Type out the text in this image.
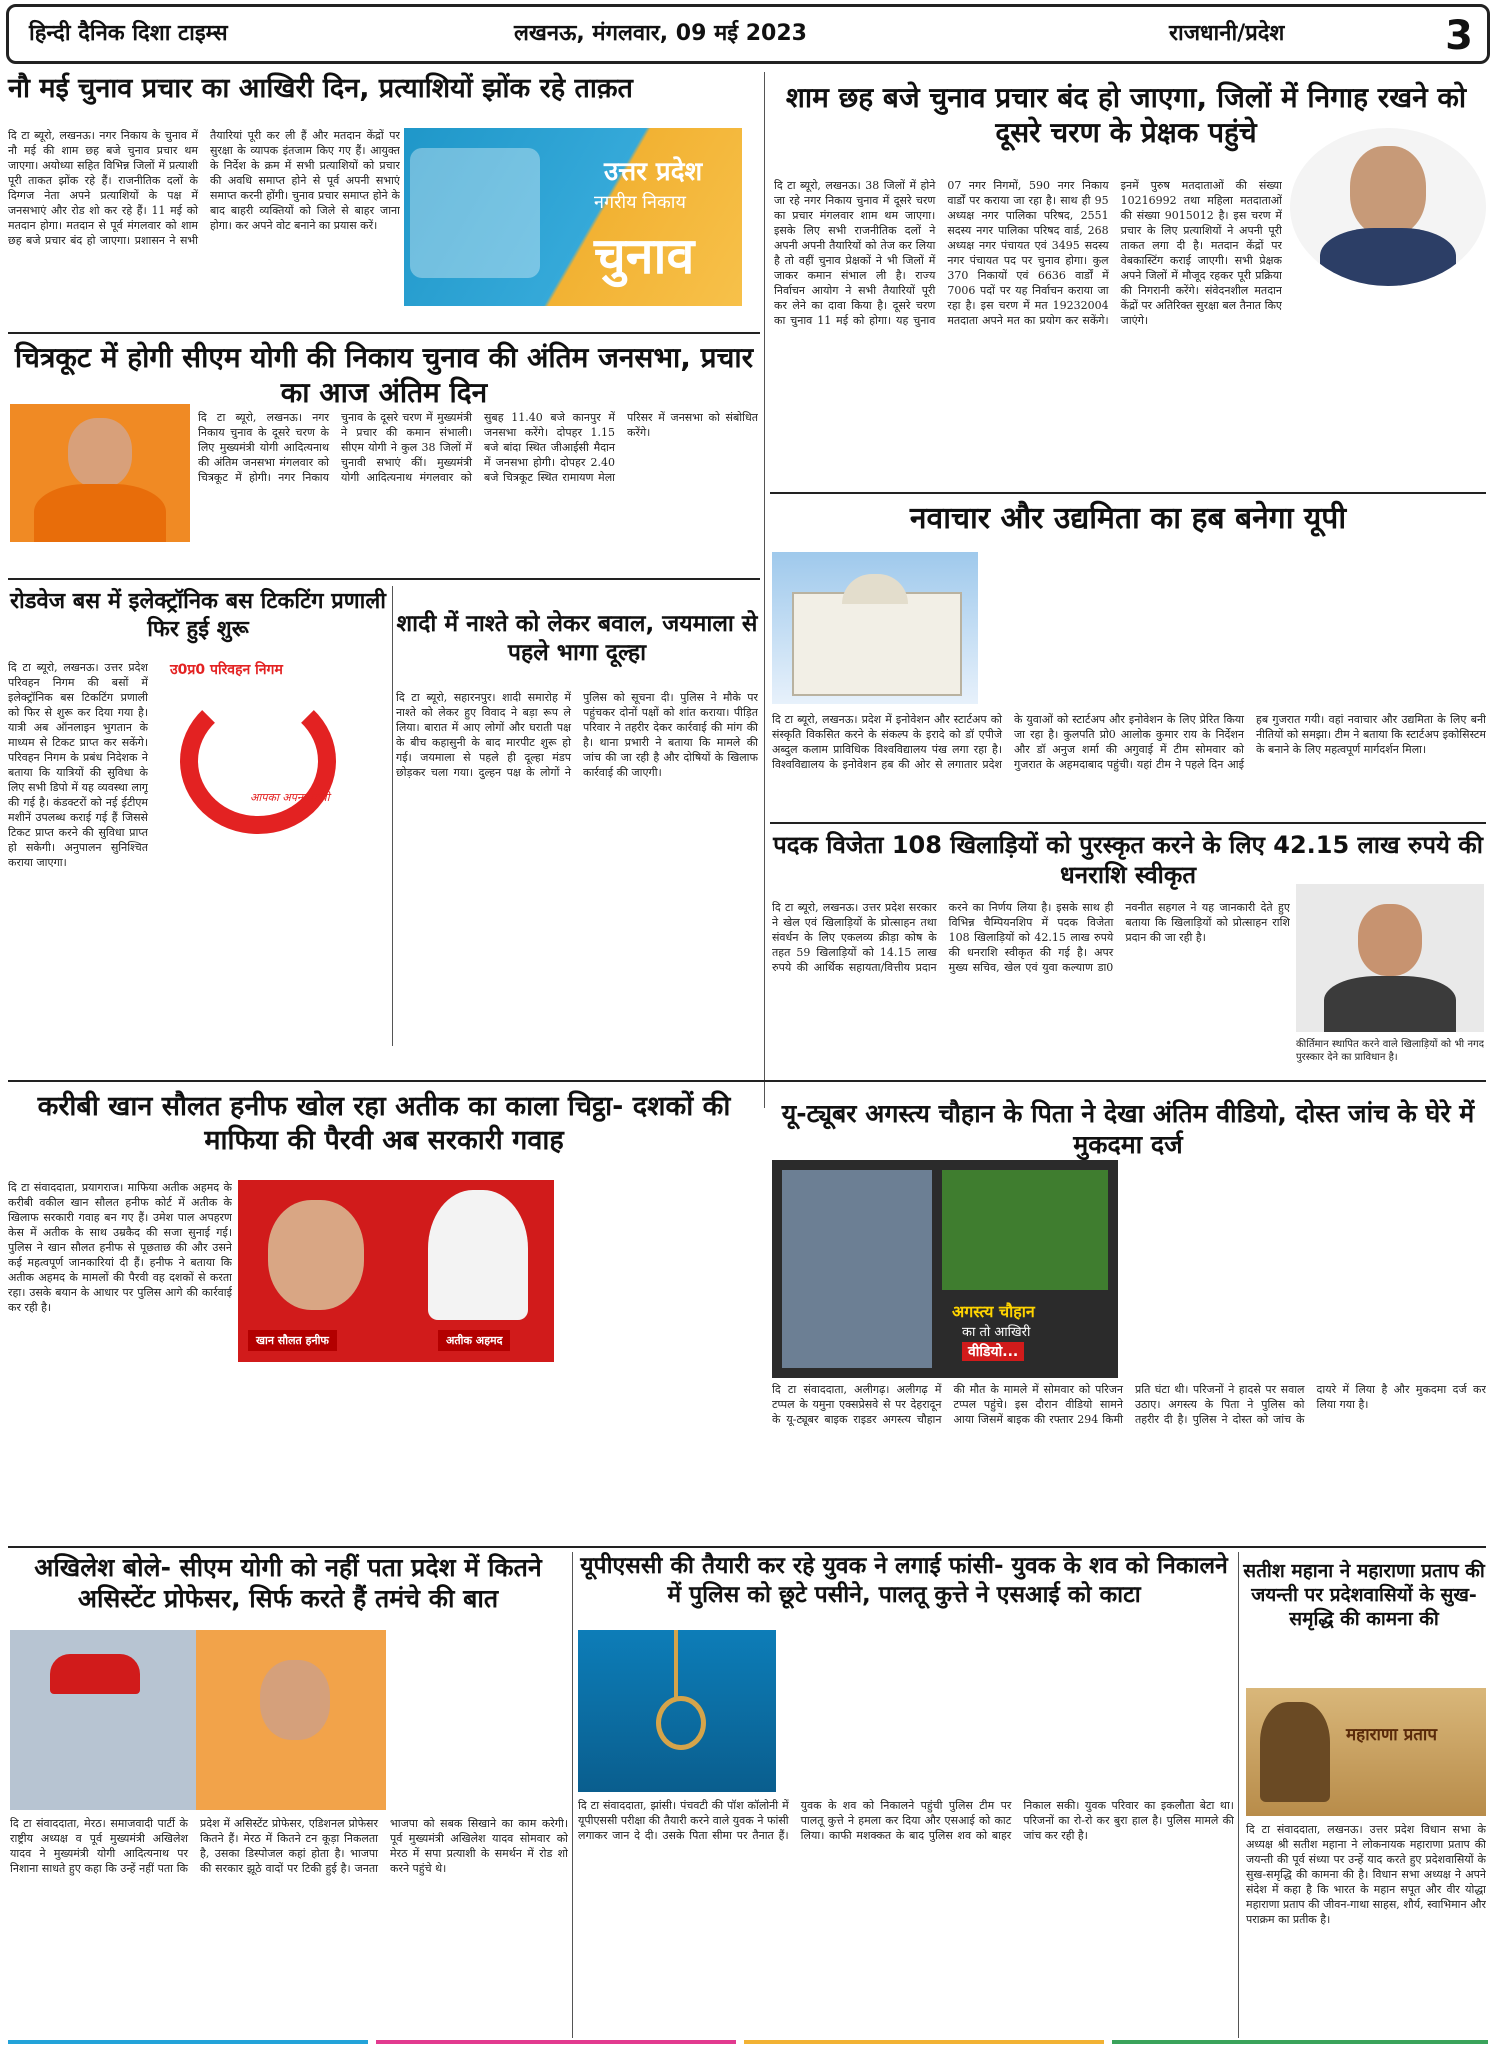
हिन्दी दैनिक दिशा टाइम्स	लखनऊ, मंगलवार, 09 मई 2023	राजधानी/प्रदेश	3
नौ मई चुनाव प्रचार का आखिरी दिन, प्रत्याशियों झोंक रहे ताक़त
दि टा ब्यूरो, लखनऊ। नगर निकाय के चुनाव में नौ मई की शाम छह बजे चुनाव प्रचार थम जाएगा। अयोध्या सहित विभिन्न जिलों में प्रत्याशी पूरी ताकत झोंक रहे हैं। राजनीतिक दलों के दिग्गज नेता अपने प्रत्याशियों के पक्ष में जनसभाएं और रोड शो कर रहे हैं। 11 मई को मतदान होगा। मतदान से पूर्व मंगलवार को शाम छह बजे प्रचार बंद हो जाएगा। प्रशासन ने सभी तैयारियां पूरी कर ली हैं और मतदान केंद्रों पर सुरक्षा के व्यापक इंतजाम किए गए हैं। आयुक्त के निर्देश के क्रम में सभी प्रत्याशियों को प्रचार की अवधि समाप्त होने से पूर्व अपनी सभाएं समाप्त करनी होंगी। चुनाव प्रचार समाप्त होने के बाद बाहरी व्यक्तियों को जिले से बाहर जाना होगा। कर अपने वोट बनाने का प्रयास करें।
उत्तर प्रदेश
नगरीय निकाय
चुनाव
शाम छह बजे चुनाव प्रचार बंद हो जाएगा, जिलों में निगाह रखने को दूसरे चरण के प्रेक्षक पहुंचे
दि टा ब्यूरो, लखनऊ। 38 जिलों में होने जा रहे नगर निकाय चुनाव में दूसरे चरण का प्रचार मंगलवार शाम थम जाएगा। इसके लिए सभी राजनीतिक दलों ने अपनी अपनी तैयारियों को तेज कर लिया है तो वहीं चुनाव प्रेक्षकों ने भी जिलों में जाकर कमान संभाल ली है। राज्य निर्वाचन आयोग ने सभी तैयारियों पूरी कर लेने का दावा किया है। दूसरे चरण का चुनाव 11 मई को होगा। यह चुनाव 07 नगर निगमों, 590 नगर निकाय वार्डों पर कराया जा रहा है। साथ ही 95 अध्यक्ष नगर पालिका परिषद, 2551 सदस्य नगर पालिका परिषद वार्ड, 268 अध्यक्ष नगर पंचायत एवं 3495 सदस्य नगर पंचायत पद पर चुनाव होगा। कुल 370 निकायों एवं 6636 वार्डों में 7006 पदों पर यह निर्वाचन कराया जा रहा है। इस चरण में मत 19232004 मतदाता अपने मत का प्रयोग कर सकेंगे। इनमें पुरुष मतदाताओं की संख्या 10216992 तथा महिला मतदाताओं की संख्या 9015012 है। इस चरण में प्रचार के लिए प्रत्याशियों ने अपनी पूरी ताकत लगा दी है। मतदान केंद्रों पर वेबकास्टिंग कराई जाएगी। सभी प्रेक्षक अपने जिलों में मौजूद रहकर पूरी प्रक्रिया की निगरानी करेंगे। संवेदनशील मतदान केंद्रों पर अतिरिक्त सुरक्षा बल तैनात किए जाएंगे।
चित्रकूट में होगी सीएम योगी की निकाय चुनाव की अंतिम जनसभा, प्रचार का आज अंतिम दिन
दि टा ब्यूरो, लखनऊ। नगर निकाय चुनाव के दूसरे चरण के लिए मुख्यमंत्री योगी आदित्यनाथ की अंतिम जनसभा मंगलवार को चित्रकूट में होगी। नगर निकाय चुनाव के दूसरे चरण में मुख्यमंत्री ने प्रचार की कमान संभाली। सीएम योगी ने कुल 38 जिलों में चुनावी सभाएं कीं। मुख्यमंत्री योगी आदित्यनाथ मंगलवार को सुबह 11.40 बजे कानपुर में जनसभा करेंगे। दोपहर 1.15 बजे बांदा स्थित जीआईसी मैदान में जनसभा होगी। दोपहर 2.40 बजे चित्रकूट स्थित रामायण मेला परिसर में जनसभा को संबोधित करेंगे।
रोडवेज बस में इलेक्ट्रॉनिक बस टिकटिंग प्रणाली फिर हुई शुरू
उ0प्र0 परिवहन निगम
आपका अपना साथी
दि टा ब्यूरो, लखनऊ। उत्तर प्रदेश परिवहन निगम की बसों में इलेक्ट्रॉनिक बस टिकटिंग प्रणाली को फिर से शुरू कर दिया गया है। यात्री अब ऑनलाइन भुगतान के माध्यम से टिकट प्राप्त कर सकेंगे। परिवहन निगम के प्रबंध निदेशक ने बताया कि यात्रियों की सुविधा के लिए सभी डिपो में यह व्यवस्था लागू की गई है। कंडक्टरों को नई ईटीएम मशीनें उपलब्ध कराई गई हैं जिससे टिकट प्राप्त करने की सुविधा प्राप्त हो सकेगी। अनुपालन सुनिश्चित कराया जाएगा।
शादी में नाश्ते को लेकर बवाल, जयमाला से पहले भागा दूल्हा
दि टा ब्यूरो, सहारनपुर। शादी समारोह में नाश्ते को लेकर हुए विवाद ने बड़ा रूप ले लिया। बारात में आए लोगों और घराती पक्ष के बीच कहासुनी के बाद मारपीट शुरू हो गई। जयमाला से पहले ही दूल्हा मंडप छोड़कर चला गया। दुल्हन पक्ष के लोगों ने पुलिस को सूचना दी। पुलिस ने मौके पर पहुंचकर दोनों पक्षों को शांत कराया। पीड़ित परिवार ने तहरीर देकर कार्रवाई की मांग की है। थाना प्रभारी ने बताया कि मामले की जांच की जा रही है और दोषियों के खिलाफ कार्रवाई की जाएगी।
नवाचार और उद्यमिता का हब बनेगा यूपी
दि टा ब्यूरो, लखनऊ। प्रदेश में इनोवेशन और स्टार्टअप को संस्कृति विकसित करने के संकल्प के इरादे को डॉ एपीजे अब्दुल कलाम प्राविधिक विश्वविद्यालय पंख लगा रहा है। विश्वविद्यालय के इनोवेशन हब की ओर से लगातार प्रदेश के युवाओं को स्टार्टअप और इनोवेशन के लिए प्रेरित किया जा रहा है। कुलपति प्रो0 आलोक कुमार राय के निर्देशन और डॉ अनुज शर्मा की अगुवाई में टीम सोमवार को गुजरात के अहमदाबाद पहुंची। यहां टीम ने पहले दिन आई हब गुजरात गयी। वहां नवाचार और उद्यमिता के लिए बनी नीतियों को समझा। टीम ने बताया कि स्टार्टअप इकोसिस्टम के बनाने के लिए महत्वपूर्ण मार्गदर्शन मिला।
पदक विजेता 108 खिलाड़ियों को पुरस्कृत करने के लिए 42.15 लाख रुपये की धनराशि स्वीकृत
दि टा ब्यूरो, लखनऊ। उत्तर प्रदेश सरकार ने खेल एवं खिलाड़ियों के प्रोत्साहन तथा संवर्धन के लिए एकलव्य क्रीड़ा कोष के तहत 59 खिलाड़ियों को 14.15 लाख रुपये की आर्थिक सहायता/वित्तीय प्रदान करने का निर्णय लिया है। इसके साथ ही विभिन्न चैम्पियनशिप में पदक विजेता 108 खिलाड़ियों को 42.15 लाख रुपये की धनराशि स्वीकृत की गई है। अपर मुख्य सचिव, खेल एवं युवा कल्याण डा0 नवनीत सहगल ने यह जानकारी देते हुए बताया कि खिलाड़ियों को प्रोत्साहन राशि प्रदान की जा रही है।
कीर्तिमान स्थापित करने वाले खिलाड़ियों को भी नगद पुरस्कार देने का प्राविधान है।
करीबी खान सौलत हनीफ खोल रहा अतीक का काला चिट्ठा- दशकों की माफिया की पैरवी अब सरकारी गवाह
दि टा संवाददाता, प्रयागराज। माफिया अतीक अहमद के करीबी वकील खान सौलत हनीफ कोर्ट में अतीक के खिलाफ सरकारी गवाह बन गए हैं। उमेश पाल अपहरण केस में अतीक के साथ उम्रकैद की सजा सुनाई गई। पुलिस ने खान सौलत हनीफ से पूछताछ की और उसने कई महत्वपूर्ण जानकारियां दी हैं। हनीफ ने बताया कि अतीक अहमद के मामलों की पैरवी वह दशकों से करता रहा। उसके बयान के आधार पर पुलिस आगे की कार्रवाई कर रही है।
खान सौलत हनीफ	अतीक अहमद
यू-ट्यूबर अगस्त्य चौहान के पिता ने देखा अंतिम वीडियो, दोस्त जांच के घेरे में मुकदमा दर्ज
अगस्त्य चौहान
का तो आखिरी
वीडियो...
दि टा संवाददाता, अलीगढ़। अलीगढ़ में टप्पल के यमुना एक्सप्रेसवे से पर देहरादून के यू-ट्यूबर बाइक राइडर अगस्त्य चौहान की मौत के मामले में सोमवार को परिजन टप्पल पहुंचे। इस दौरान वीडियो सामने आया जिसमें बाइक की रफ्तार 294 किमी प्रति घंटा थी। परिजनों ने हादसे पर सवाल उठाए। अगस्त्य के पिता ने पुलिस को तहरीर दी है। पुलिस ने दोस्त को जांच के दायरे में लिया है और मुकदमा दर्ज कर लिया गया है।
अखिलेश बोले- सीएम योगी को नहीं पता प्रदेश में कितने असिस्टेंट प्रोफेसर, सिर्फ करते हैं तमंचे की बात
दि टा संवाददाता, मेरठ। समाजवादी पार्टी के राष्ट्रीय अध्यक्ष व पूर्व मुख्यमंत्री अखिलेश यादव ने मुख्यमंत्री योगी आदित्यनाथ पर निशाना साधते हुए कहा कि उन्हें नहीं पता कि प्रदेश में असिस्टेंट प्रोफेसर, एडिशनल प्रोफेसर कितने हैं। मेरठ में कितने टन कूड़ा निकलता है, उसका डिस्पोजल कहां होता है। भाजपा की सरकार झूठे वादों पर टिकी हुई है। जनता भाजपा को सबक सिखाने का काम करेगी। पूर्व मुख्यमंत्री अखिलेश यादव सोमवार को मेरठ में सपा प्रत्याशी के समर्थन में रोड शो करने पहुंचे थे।
यूपीएससी की तैयारी कर रहे युवक ने लगाई फांसी- युवक के शव को निकालने में पुलिस को छूटे पसीने, पालतू कुत्ते ने एसआई को काटा
दि टा संवाददाता, झांसी। पंचवटी की पॉश कॉलोनी में यूपीएससी परीक्षा की तैयारी करने वाले युवक ने फांसी लगाकर जान दे दी। उसके पिता सीमा पर तैनात हैं। युवक के शव को निकालने पहुंची पुलिस टीम पर पालतू कुत्ते ने हमला कर दिया और एसआई को काट लिया। काफी मशक्कत के बाद पुलिस शव को बाहर निकाल सकी। युवक परिवार का इकलौता बेटा था। परिजनों का रो-रो कर बुरा हाल है। पुलिस मामले की जांच कर रही है।
सतीश महाना ने महाराणा प्रताप की जयन्ती पर प्रदेशवासियों के सुख-समृद्धि की कामना की
महाराणा प्रताप
दि टा संवाददाता, लखनऊ। उत्तर प्रदेश विधान सभा के अध्यक्ष श्री सतीश महाना ने लोकनायक महाराणा प्रताप की जयन्ती की पूर्व संध्या पर उन्हें याद करते हुए प्रदेशवासियों के सुख-समृद्धि की कामना की है। विधान सभा अध्यक्ष ने अपने संदेश में कहा है कि भारत के महान सपूत और वीर योद्धा महाराणा प्रताप की जीवन-गाथा साहस, शौर्य, स्वाभिमान और पराक्रम का प्रतीक है।
